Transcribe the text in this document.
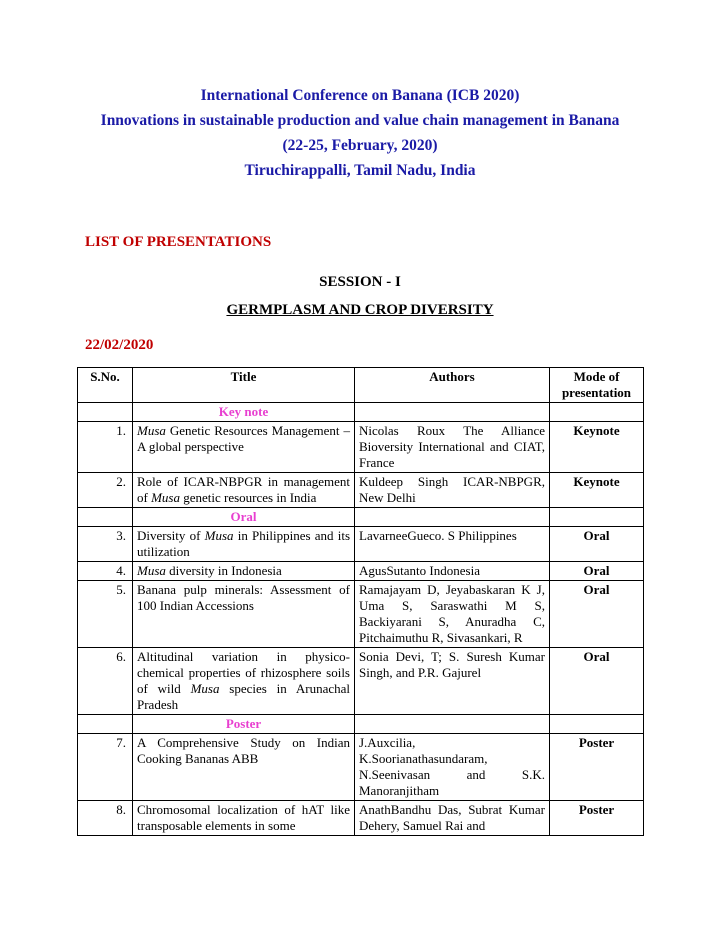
International Conference on Banana (ICB 2020)

Innovations in sustainable production and value chain management in Banana

(22-25, February, 2020)

Tiruchirappalli, Tamil Nadu, India

LIST OF PRESENTATIONS
SESSION - I
GERMPLASM AND CROP DIVERSITY
22/02/2020
S.No.	Title	Authors	Mode of presentation
	Key note		
1.	Musa Genetic Resources Management – A global perspective	Nicolas Roux The Alliance Bioversity International and CIAT, France	Keynote
2.	Role of ICAR-NBPGR in management of Musa genetic resources in India	Kuldeep Singh ICAR-NBPGR, New Delhi	Keynote
	Oral		
3.	Diversity of Musa in Philippines and its utilization	LavarneeGueco. S Philippines	Oral
4.	Musa diversity in Indonesia	AgusSutanto Indonesia	Oral
5.	Banana pulp minerals: Assessment of 100 Indian Accessions	Ramajayam D, Jeyabaskaran K J, Uma S, Saraswathi M S, Backiyarani S, Anuradha C, Pitchaimuthu R, Sivasankari, R	Oral
6.	Altitudinal variation in physico-chemical properties of rhizosphere soils of wild Musa species in Arunachal Pradesh	Sonia Devi, T; S. Suresh Kumar Singh, and P.R. Gajurel	Oral
	Poster		
7.	A Comprehensive Study on Indian Cooking Bananas ABB	J.Auxcilia, K.Soorianathasundaram, N.Seenivasan and S.K. Manoranjitham	Poster
8.	Chromosomal localization of hAT like transposable elements in some	AnathBandhu Das, Subrat Kumar Dehery, Samuel Rai and	Poster
